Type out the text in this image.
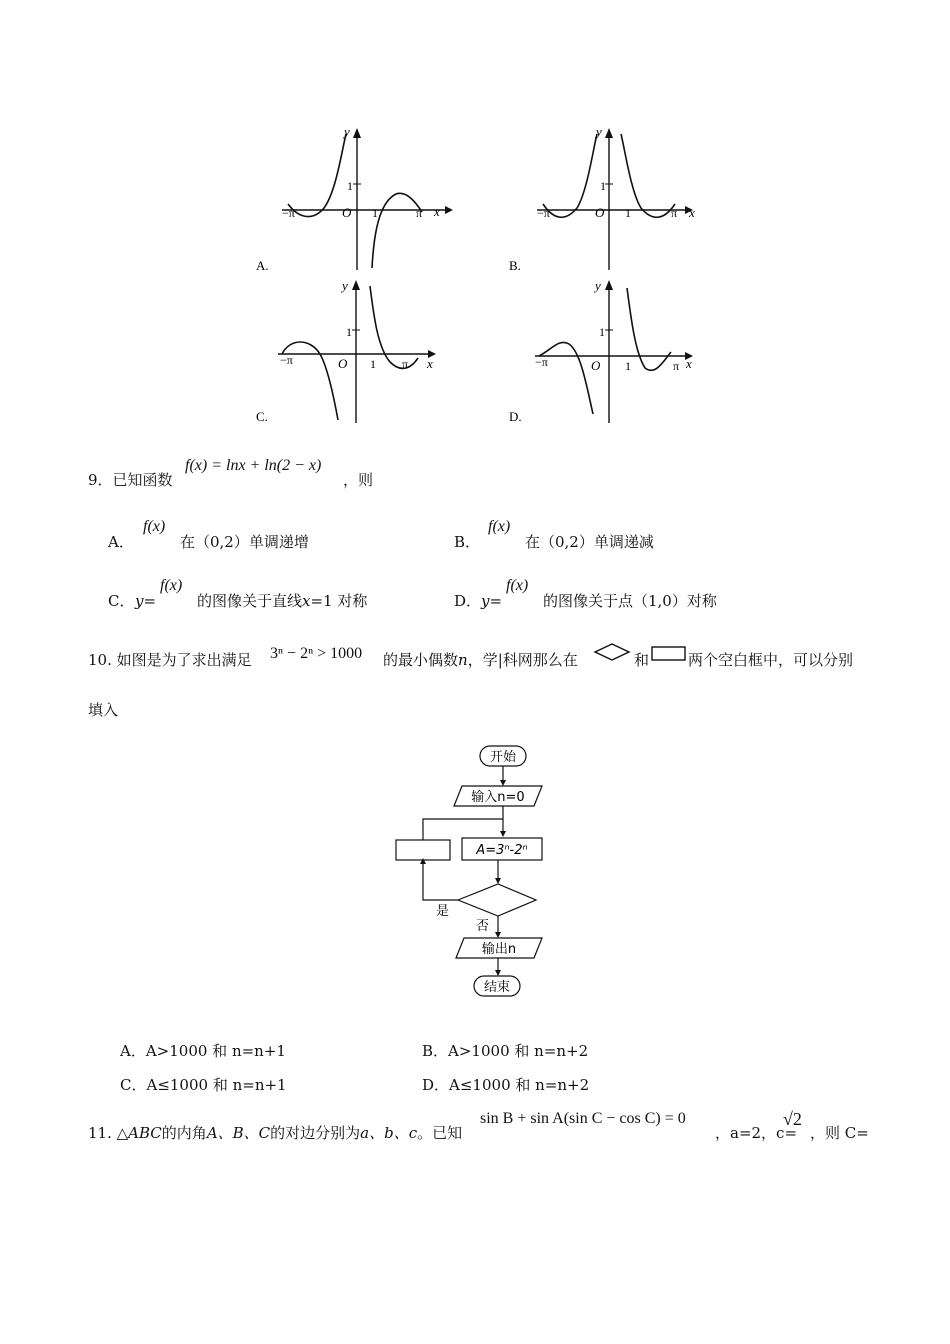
y
x
1
O
−π	1	π
A.
y
x
1
O
−π	1	π
B.
y
x
1
O
−π	1 π
C.
y
x
1
O
−π	1	π
D.
9．已知函数
f(x) = lnx + ln(2 − x)
，则
A．
f(x)
在（0,2）单调递增	B．
f(x)
在（0,2）单调递减
C． y=
f(x)
的图像关于直线x=1 对称	D． y=
f(x)
的图像关于点（1,0）对称
10. 如图是为了求出满足 3ⁿ − 2ⁿ > 1000 的最小偶数n，学|科网那么在	和	两个空白框中，可以分别
填入
开始
输入n=0
A=3ⁿ-2ⁿ
是
否
输出n
结束
A．A>1000 和 n=n+1	B．A>1000 和 n=n+2
C．A≤1000 和 n=n+1	D．A≤1000 和 n=n+2
11. △ABC的内角A、B、C的对边分别为a、b、c。已知
sin B + sin A(sin C − cos C) = 0
，a=2，c=
√2
，则 C=
